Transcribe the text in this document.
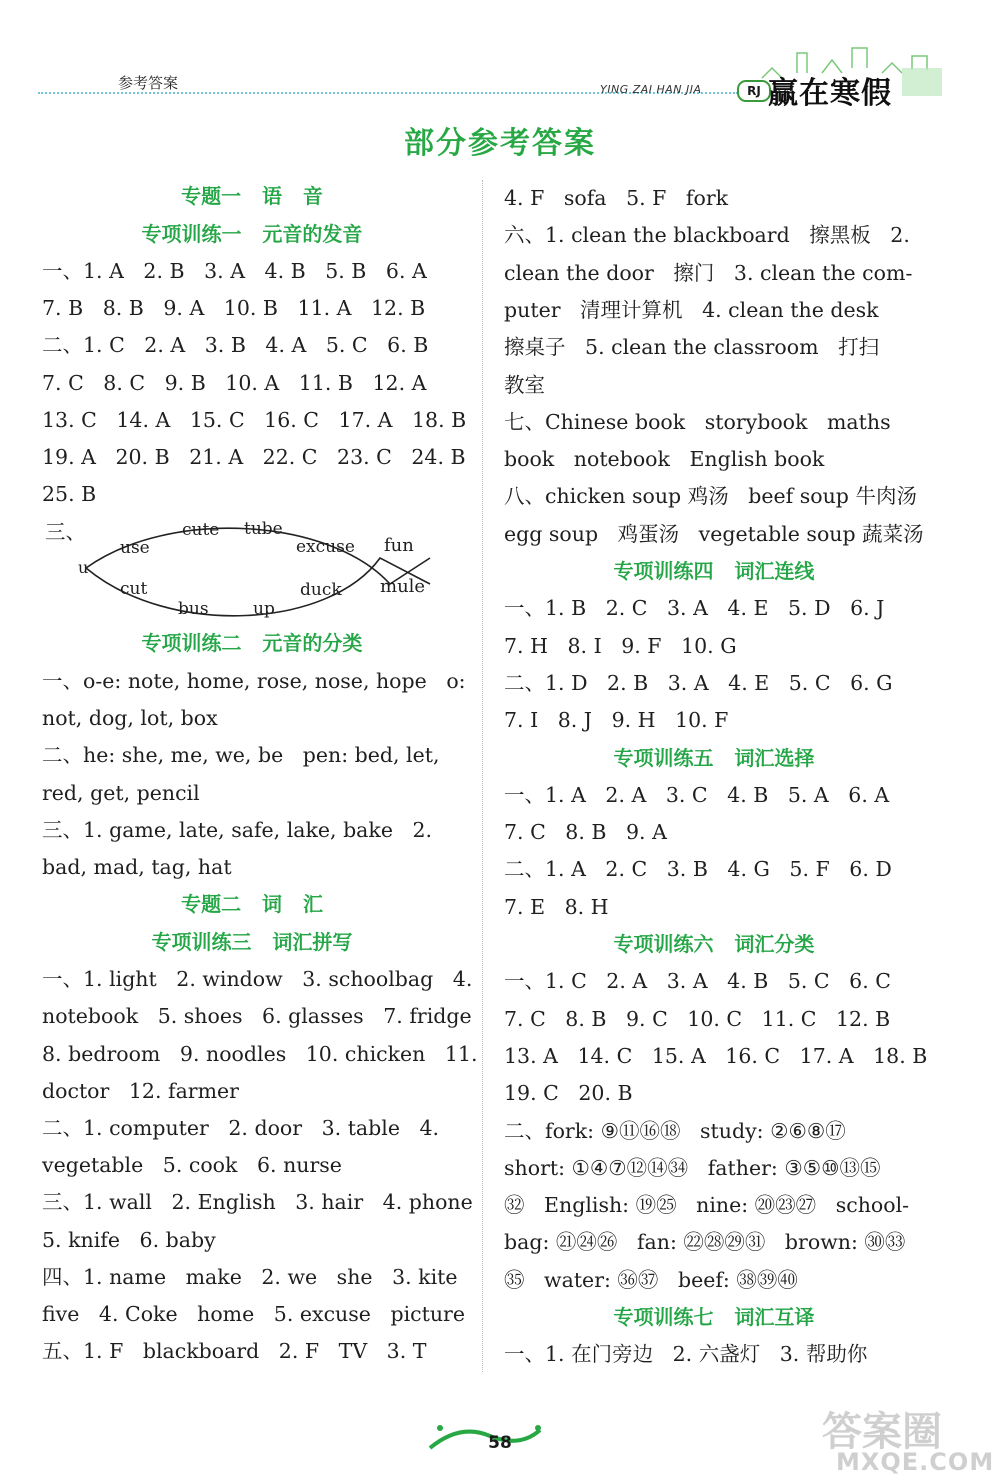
参考答案	YING ZAI HAN JIA	RJ 赢在寒假
部分参考答案
专题一   语   音
专项训练一   元音的发音
一、1. A   2. B   3. A   4. B   5. B   6. A
7. B   8. B   9. A   10. B   11. A   12. B
二、1. C   2. A   3. B   4. A   5. C   6. B
7. C   8. C   9. B   10. A   11. B   12. A
13. C   14. A   15. C   16. C   17. A   18. B
19. A   20. B   21. A   22. C   23. C   24. B
25. B
专项训练二   元音的分类
一、o-e: note, home, rose, nose, hope   o:
not, dog, lot, box
二、he: she, me, we, be   pen: bed, let,
red, get, pencil
三、1. game, late, safe, lake, bake   2.
bad, mad, tag, hat
专题二   词   汇
专项训练三   词汇拼写
一、1. light   2. window   3. schoolbag   4.
notebook   5. shoes   6. glasses   7. fridge
8. bedroom   9. noodles   10. chicken   11.
doctor   12. farmer
二、1. computer   2. door   3. table   4.
vegetable   5. cook   6. nurse
三、1. wall   2. English   3. hair   4. phone
5. knife   6. baby
四、1. name   make   2. we   she   3. kite
five   4. Coke   home   5. excuse   picture
五、1. F   blackboard   2. F   TV   3. T
4. F   sofa   5. F   fork
六、1. clean the blackboard   擦黑板   2.
clean the door   擦门   3. clean the com-
puter   清理计算机   4. clean the desk
擦桌子   5. clean the classroom   打扫
教室
七、Chinese book   storybook   maths
book   notebook   English book
八、chicken soup 鸡汤   beef soup 牛肉汤
egg soup   鸡蛋汤   vegetable soup 蔬菜汤
专项训练四   词汇连线
一、1. B   2. C   3. A   4. E   5. D   6. J
7. H   8. I   9. F   10. G
二、1. D   2. B   3. A   4. E   5. C   6. G
7. I   8. J   9. H   10. F
专项训练五   词汇选择
一、1. A   2. A   3. C   4. B   5. A   6. A
7. C   8. B   9. A
二、1. A   2. C   3. B   4. G   5. F   6. D
7. E   8. H
专项训练六   词汇分类
一、1. C   2. A   3. A   4. B   5. C   6. C
7. C   8. B   9. C   10. C   11. C   12. B
13. A   14. C   15. A   16. C   17. A   18. B
19. C   20. B
二、fork: ⑨⑪⑯⑱   study: ②⑥⑧⑰
short: ①④⑦⑫⑭㉞   father: ③⑤⑩⑬⑮
㉜   English: ⑲㉕   nine: ⑳㉓㉗   school-
bag: ㉑㉔㉖   fan: ㉒㉘㉙㉛   brown: ㉚㉝
㉟   water: ㊱㊲   beef: ㊳㊴㊵
专项训练七   词汇互译
一、1. 在门旁边   2. 六盏灯   3. 帮助你
三、
u
use
cute tube
excuse fun
cut
bus	up
duck mule
58	答案圈
MXQE.COM
